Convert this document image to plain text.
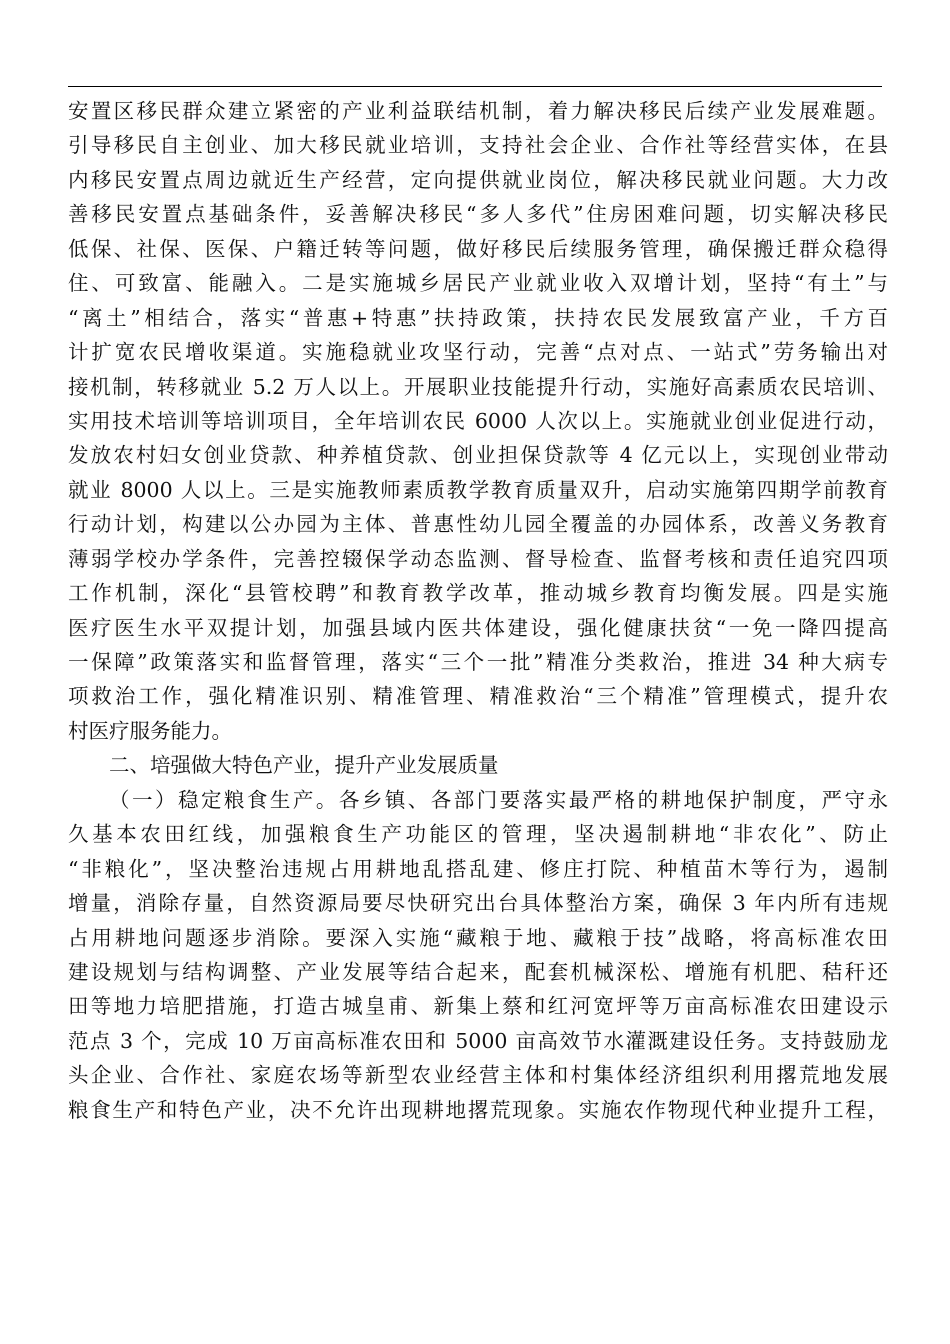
安置区移民群众建立紧密的产业利益联结机制，着力解决移民后续产业发展难题。
引导移民自主创业、加大移民就业培训，支持社会企业、合作社等经营实体，在县
内移民安置点周边就近生产经营，定向提供就业岗位，解决移民就业问题。大力改
善移民安置点基础条件，妥善解决移民“多人多代”住房困难问题，切实解决移民
低保、社保、医保、户籍迁转等问题，做好移民后续服务管理，确保搬迁群众稳得
住、可致富、能融入。二是实施城乡居民产业就业收入双增计划，坚持“有土”与
“离土”相结合，落实“普惠+特惠”扶持政策，扶持农民发展致富产业，千方百
计扩宽农民增收渠道。实施稳就业攻坚行动，完善“点对点、一站式”劳务输出对
接机制，转移就业 5.2 万人以上。开展职业技能提升行动，实施好高素质农民培训、
实用技术培训等培训项目，全年培训农民 6000 人次以上。实施就业创业促进行动，
发放农村妇女创业贷款、种养植贷款、创业担保贷款等 4 亿元以上，实现创业带动
就业 8000 人以上。三是实施教师素质教学教育质量双升，启动实施第四期学前教育
行动计划，构建以公办园为主体、普惠性幼儿园全覆盖的办园体系，改善义务教育
薄弱学校办学条件，完善控辍保学动态监测、督导检查、监督考核和责任追究四项
工作机制，深化“县管校聘”和教育教学改革，推动城乡教育均衡发展。四是实施
医疗医生水平双提计划，加强县域内医共体建设，强化健康扶贫“一免一降四提高
一保障”政策落实和监督管理，落实“三个一批”精准分类救治，推进 34 种大病专
项救治工作，强化精准识别、精准管理、精准救治“三个精准”管理模式，提升农
村医疗服务能力。
二、培强做大特色产业，提升产业发展质量
（一）稳定粮食生产。各乡镇、各部门要落实最严格的耕地保护制度，严守永
久基本农田红线，加强粮食生产功能区的管理，坚决遏制耕地“非农化”、防止
“非粮化”，坚决整治违规占用耕地乱搭乱建、修庄打院、种植苗木等行为，遏制
增量，消除存量，自然资源局要尽快研究出台具体整治方案，确保 3 年内所有违规
占用耕地问题逐步消除。要深入实施“藏粮于地、藏粮于技”战略，将高标准农田
建设规划与结构调整、产业发展等结合起来，配套机械深松、增施有机肥、秸秆还
田等地力培肥措施，打造古城皇甫、新集上蔡和红河宽坪等万亩高标准农田建设示
范点 3 个，完成 10 万亩高标准农田和 5000 亩高效节水灌溉建设任务。支持鼓励龙
头企业、合作社、家庭农场等新型农业经营主体和村集体经济组织利用撂荒地发展
粮食生产和特色产业，决不允许出现耕地撂荒现象。实施农作物现代种业提升工程，
